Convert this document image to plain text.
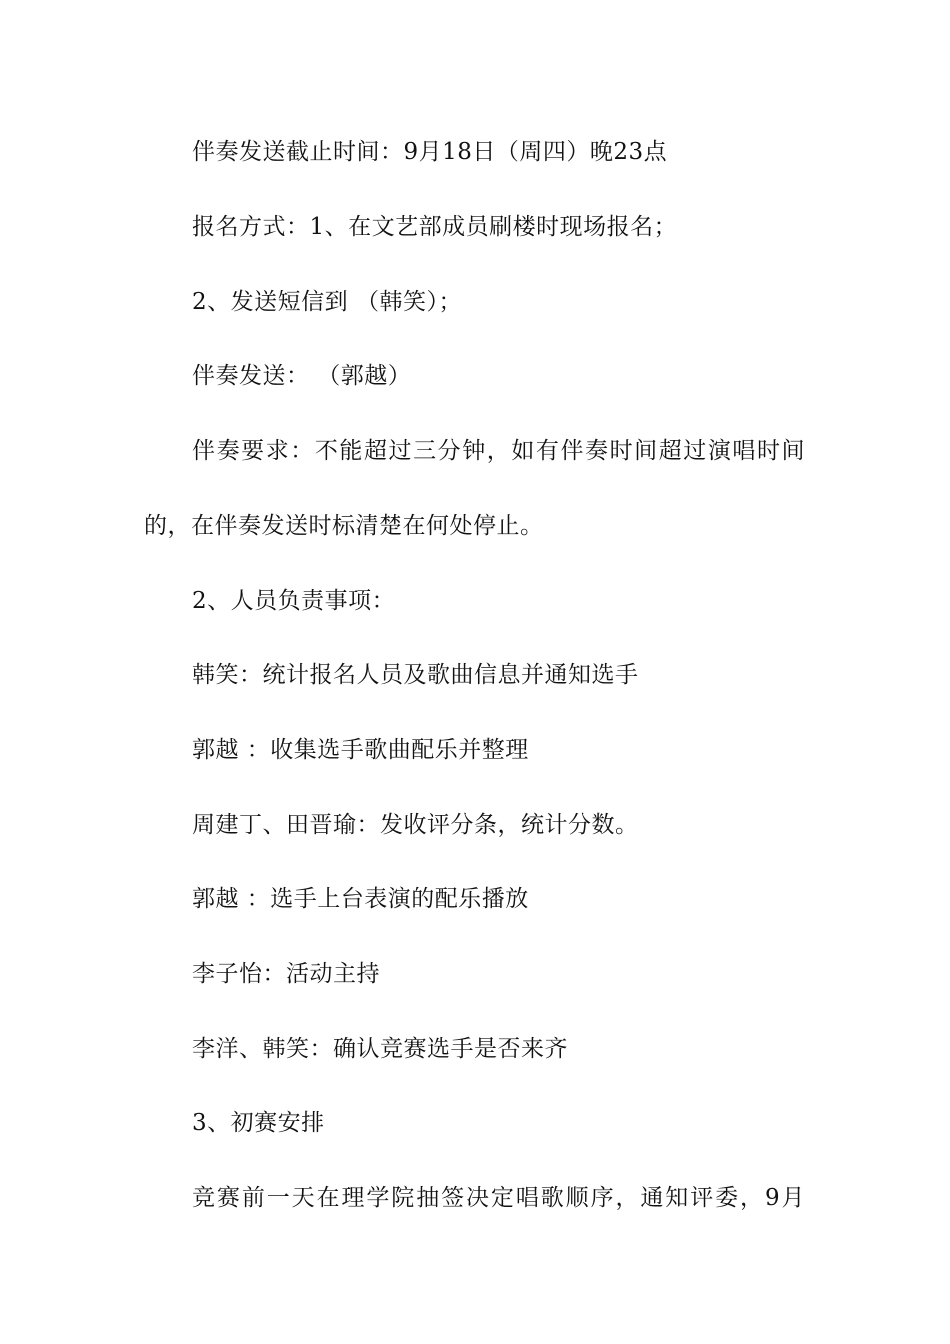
伴奏发送截止时间：9月18日（周四）晚23点
报名方式：1、在文艺部成员刷楼时现场报名；
2、发送短信到 （韩笑）；
伴奏发送： （郭越）
伴奏要求：不能超过三分钟，如有伴奏时间超过演唱时间
的，在伴奏发送时标清楚在何处停止。
2、人员负责事项：
韩笑：统计报名人员及歌曲信息并通知选手
郭越 ：收集选手歌曲配乐并整理
周建丁、田晋瑜：发收评分条，统计分数。
郭越 ：选手上台表演的配乐播放
李子怡：活动主持
李洋、韩笑：确认竞赛选手是否来齐
3、初赛安排
竞赛前一天在理学院抽签决定唱歌顺序，通知评委，9月
